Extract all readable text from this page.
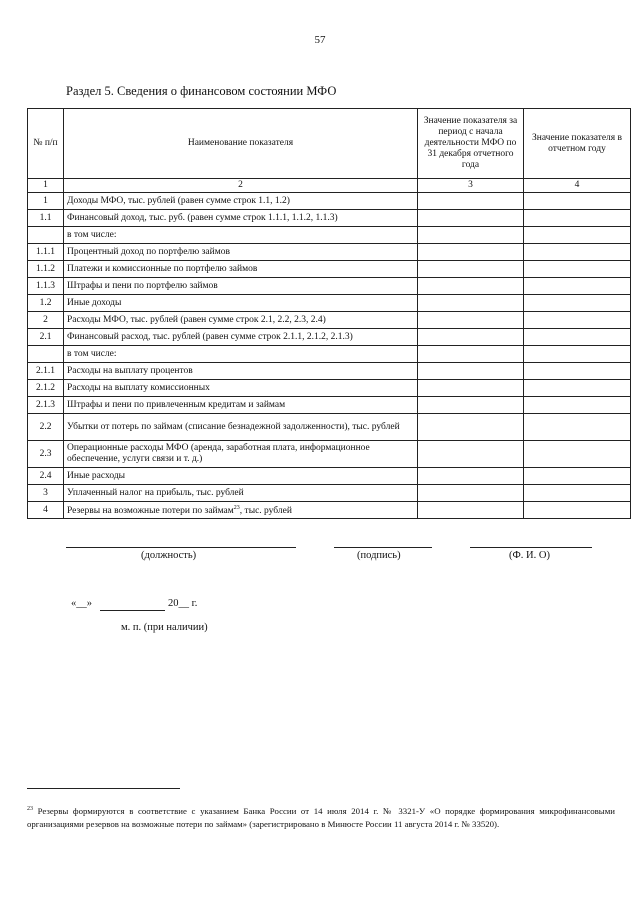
57
Раздел 5. Сведения о финансовом состоянии МФО
№ п/п	Наименование показателя	Значение показателя за период с начала деятельности МФО по 31 декабря отчетного года	Значение показателя в отчетном году
1	2	3	4
1	Доходы МФО, тыс. рублей (равен сумме строк 1.1, 1.2)		
1.1	Финансовый доход, тыс. руб. (равен сумме строк 1.1.1, 1.1.2, 1.1.3)		
	в том числе:		
1.1.1	Процентный доход по портфелю займов		
1.1.2	Платежи и комиссионные по портфелю займов		
1.1.3	Штрафы и пени по портфелю займов		
1.2	Иные доходы		
2	Расходы МФО, тыс. рублей (равен сумме строк 2.1, 2.2, 2.3, 2.4)		
2.1	Финансовый расход, тыс. рублей (равен сумме строк 2.1.1, 2.1.2, 2.1.3)		
	в том числе:		
2.1.1	Расходы на выплату процентов		
2.1.2	Расходы на выплату комиссионных		
2.1.3	Штрафы и пени по привлеченным кредитам и займам		
2.2	Убытки от потерь по займам (списание безнадежной задолженности), тыс. рублей		
2.3	Операционные расходы МФО (аренда, заработная плата, информационное обеспечение, услуги связи и т. д.)		
2.4	Иные расходы		
3	Уплаченный налог на прибыль, тыс. рублей		
4	Резервы на возможные потери по займам$^{23}$, тыс. рублей		
(должность)	(подпись)	(Ф. И. О)
«__»	20__ г.
м. п. (при наличии)
$^{23}$ Резервы формируются в соответствие с указанием Банка России от 14 июля 2014 г. № 3321-У «О порядке формирования микрофинансовыми организациями резервов на возможные потери по займам» (зарегистрировано в Минюсте России 11 августа 2014 г. № 33520).
